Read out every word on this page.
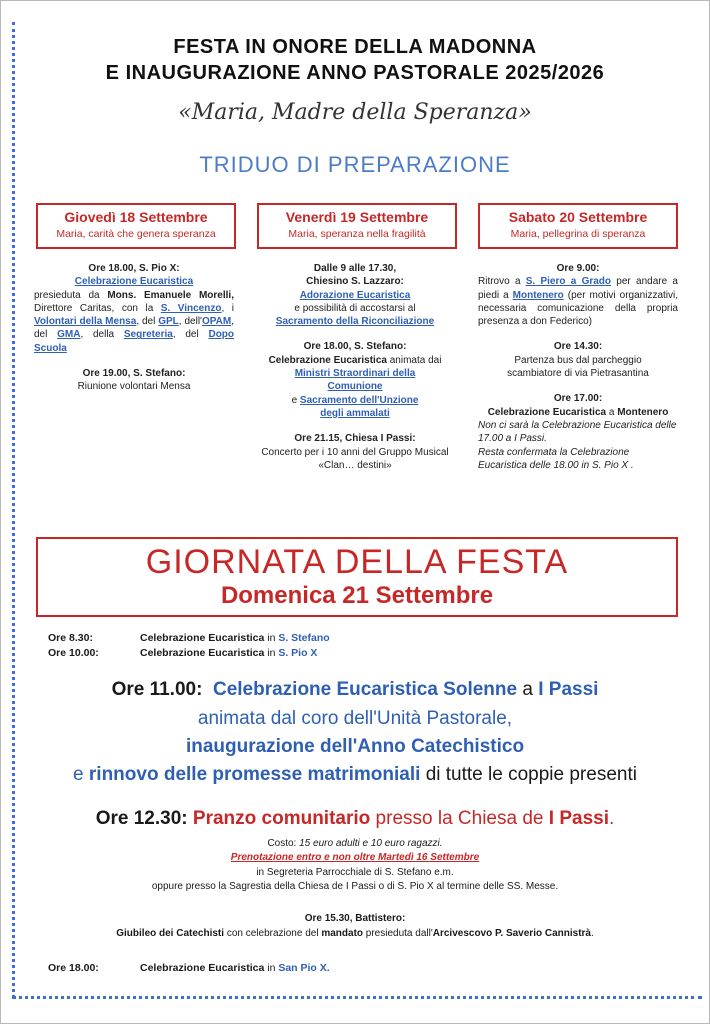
FESTA IN ONORE DELLA MADONNA
E INAUGURAZIONE ANNO PASTORALE 2025/2026
«Maria, Madre della Speranza»
TRIDUO DI PREPARAZIONE
Giovedì 18 Settembre
Maria, carità che genera speranza
Venerdì 19 Settembre
Maria, speranza nella fragilità
Sabato 20 Settembre
Maria, pellegrina di speranza
Ore 18.00, S. Pio X:
Celebrazione Eucaristica
presieduta da Mons. Emanuele Morelli, Direttore Caritas, con la S. Vincenzo, i Volontari della Mensa, del GPL, dell'OPAM, del GMA, della Segreteria, del Dopo Scuola
Ore 19.00, S. Stefano:
Riunione volontari Mensa
Dalle 9 alle 17.30,
Chiesino S. Lazzaro:
Adorazione Eucaristica
e possibilità di accostarsi al
Sacramento della Riconciliazione
Ore 18.00, S. Stefano:
Celebrazione Eucaristica animata dai
Ministri Straordinari della Comunione
e Sacramento dell'Unzione degli ammalati
Ore 21.15, Chiesa I Passi:
Concerto per i 10 anni del Gruppo Musical «Clan… destini»
Ore 9.00:
Ritrovo a S. Piero a Grado per andare a piedi a Montenero (per motivi organizzativi, necessaria comunicazione della propria presenza a don Federico)
Ore 14.30:
Partenza bus dal parcheggio scambiatore di via Pietrasantina
Ore 17.00:
Celebrazione Eucaristica a Montenero
Non ci sarà la Celebrazione Eucaristica delle 17.00 a I Passi.
Resta confermata la Celebrazione Eucaristica delle 18.00 in S. Pio X .
GIORNATA DELLA FESTA
Domenica 21 Settembre
Ore 8.30:	Celebrazione Eucaristica in S. Stefano
Ore 10.00:	Celebrazione Eucaristica in S. Pio X
Ore 11.00: Celebrazione Eucaristica Solenne a I Passi
animata dal coro dell'Unità Pastorale,
inaugurazione dell'Anno Catechistico
e rinnovo delle promesse matrimoniali di tutte le coppie presenti
Ore 12.30: Pranzo comunitario presso la Chiesa de I Passi.
Costo: 15 euro adulti e 10 euro ragazzi.
Prenotazione entro e non oltre Martedì 16 Settembre
in Segreteria Parrocchiale di S. Stefano e.m.
oppure presso la Sagrestia della Chiesa de I Passi o di S. Pio X al termine delle SS. Messe.
Ore 15.30, Battistero:
Giubileo dei Catechisti con celebrazione del mandato presieduta dall'Arcivescovo P. Saverio Cannistrà.
Ore 18.00:	Celebrazione Eucaristica in San Pio X.
